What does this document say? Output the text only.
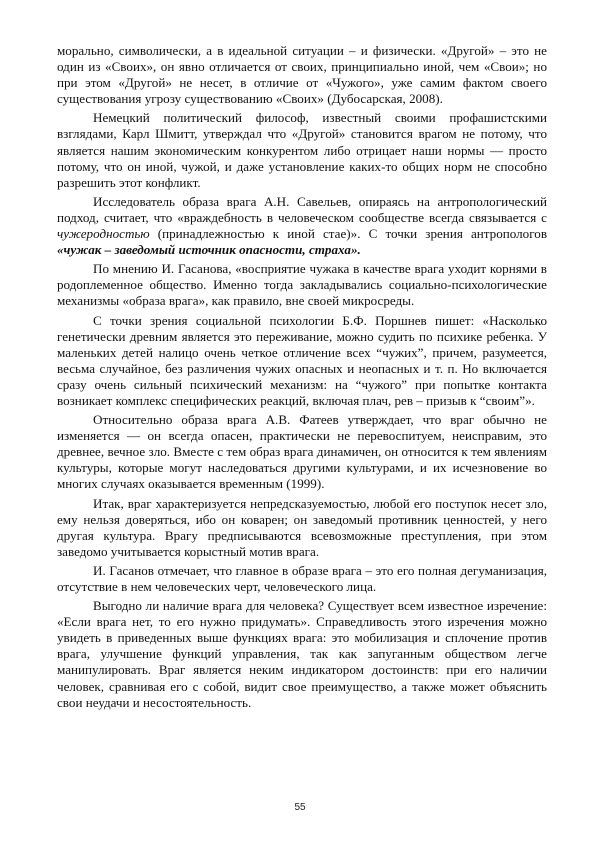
морально, символически, а в идеальной ситуации – и физически. «Другой» – это не один из «Своих», он явно отличается от своих, принципиально иной, чем «Свои»; но при этом «Другой» не несет, в отличие от «Чужого», уже самим фактом своего существования угрозу существованию «Своих» (Дубосарская, 2008).

Немецкий политический философ, известный своими профашистскими взглядами, Карл Шмитт, утверждал что «Другой» становится врагом не потому, что является нашим экономическим конкурентом либо отрицает наши нормы — просто потому, что он иной, чужой, и даже установление каких-то общих норм не способно разрешить этот конфликт.

Исследователь образа врага А.Н. Савельев, опираясь на антропологический подход, считает, что «враждебность в человеческом сообществе всегда связывается с чужеродностью (принадлежностью к иной стае)». С точки зрения антропологов «чужак – заведомый источник опасности, страха».

По мнению И. Гасанова, «восприятие чужака в качестве врага уходит корнями в родоплеменное общество. Именно тогда закладывались социально-психологические механизмы «образа врага», как правило, вне своей микросреды.

С точки зрения социальной психологии Б.Ф. Поршнев пишет: «Насколько генетически древним является это переживание, можно судить по психике ребенка. У маленьких детей налицо очень четкое отличение всех “чужих”, причем, разумеется, весьма случайное, без различения чужих опасных и неопасных и т. п. Но включается сразу очень сильный психический механизм: на “чужого” при попытке контакта возникает комплекс специфических реакций, включая плач, рев – призыв к “своим”».

Относительно образа врага А.В. Фатеев утверждает, что враг обычно не изменяется — он всегда опасен, практически не перевоспитуем, неисправим, это древнее, вечное зло. Вместе с тем образ врага динамичен, он относится к тем явлениям культуры, которые могут наследоваться другими культурами, и их исчезновение во многих случаях оказывается временным (1999).

Итак, враг характеризуется непредсказуемостью, любой его поступок несет зло, ему нельзя доверяться, ибо он коварен; он заведомый противник ценностей, у него другая культура. Врагу предписываются всевозможные преступления, при этом заведомо учитывается корыстный мотив врага.

И. Гасанов отмечает, что главное в образе врага – это его полная дегуманизация, отсутствие в нем человеческих черт, человеческого лица.

Выгодно ли наличие врага для человека? Существует всем известное изречение: «Если врага нет, то его нужно придумать». Справедливость этого изречения можно увидеть в приведенных выше функциях врага: это мобилизация и сплочение против врага, улучшение функций управления, так как запуганным обществом легче манипулировать. Враг является неким индикатором достоинств: при его наличии человек, сравнивая его с собой, видит свое преимущество, а также может объяснить свои неудачи и несостоятельность.

55
